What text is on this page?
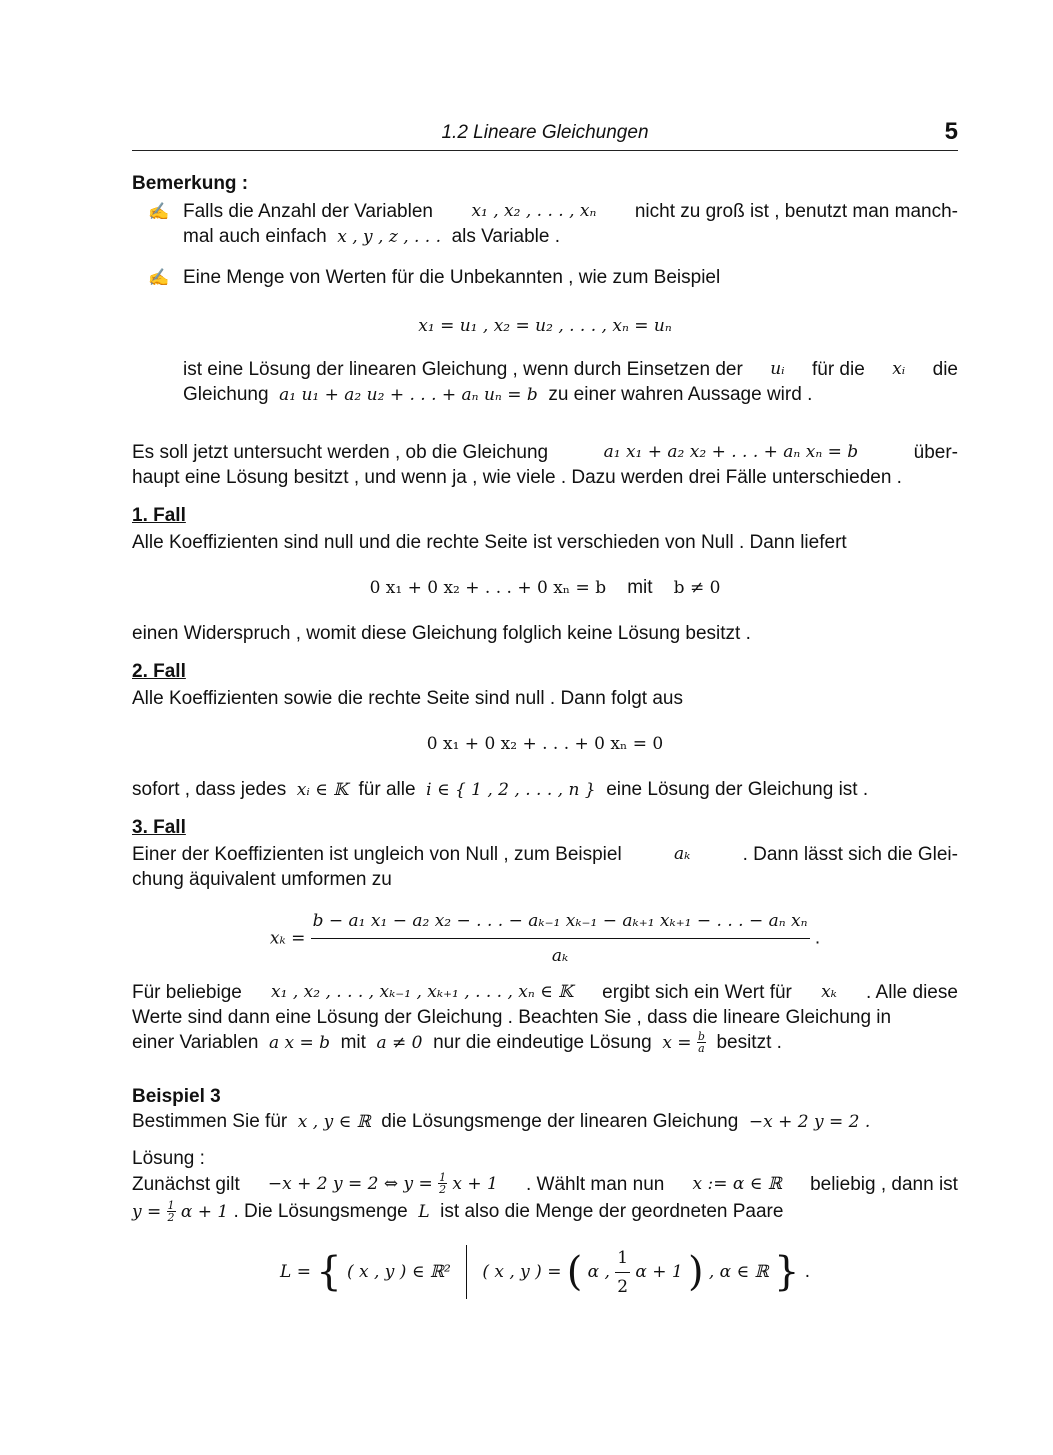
1.2 Lineare Gleichungen	5
Bemerkung :
✍ Falls die Anzahl der Variablen x₁ , x₂ , . . . , xₙ nicht zu groß ist , benutzt man manch-
mal auch einfach x , y , z , . . . als Variable .
✍ Eine Menge von Werten für die Unbekannten , wie zum Beispiel
x₁ = u₁ , x₂ = u₂ , . . . , xₙ = uₙ
ist eine Lösung der linearen Gleichung , wenn durch Einsetzen der uᵢ für die xᵢ die
Gleichung a₁ u₁ + a₂ u₂ + . . . + aₙ uₙ = b zu einer wahren Aussage wird .
Es soll jetzt untersucht werden , ob die Gleichung	a₁ x₁ + a₂ x₂ + . . . + aₙ xₙ = b	über-
haupt eine Lösung besitzt , und wenn ja , wie viele . Dazu werden drei Fälle unterschieden .
1. Fall
Alle Koeffizienten sind null und die rechte Seite ist verschieden von Null . Dann liefert
0 x₁ + 0 x₂ + . . . + 0 xₙ = b mit b ≠ 0
einen Widerspruch , womit diese Gleichung folglich keine Lösung besitzt .
2. Fall
Alle Koeffizienten sowie die rechte Seite sind null . Dann folgt aus
0 x₁ + 0 x₂ + . . . + 0 xₙ = 0
sofort , dass jedes xᵢ ∈ 𝕂 für alle i ∈ { 1 , 2 , . . . , n } eine Lösung der Gleichung ist .
3. Fall
Einer der Koeffizienten ist ungleich von Null , zum Beispiel	aₖ	. Dann lässt sich die Glei-
chung äquivalent umformen zu
xₖ =
b − a₁ x₁ − a₂ x₂ − . . . − aₖ₋₁ xₖ₋₁ − aₖ₊₁ xₖ₊₁ − . . . − aₙ xₙ
aₖ
.
Für beliebige x₁ , x₂ , . . . , xₖ₋₁ , xₖ₊₁ , . . . , xₙ ∈ 𝕂 ergibt sich ein Wert für xₖ . Alle diese
Werte sind dann eine Lösung der Gleichung . Beachten Sie , dass die lineare Gleichung in
einer Variablen a x = b mit a ≠ 0 nur die eindeutige Lösung $x = \frac{b}{a}$ besitzt .
Beispiel 3
Bestimmen Sie für x , y ∈ ℝ die Lösungsmenge der linearen Gleichung −x + 2 y = 2 .
Lösung :
Zunächst gilt −x + 2 y = 2 ⇔ $y = \frac{1}{2}$ x + 1 . Wählt man nun x := α ∈ ℝ beliebig , dann ist
$y = \frac{1}{2}$ α + 1 . Die Lösungsmenge L ist also die Menge der geordneten Paare
L = { ( x , y ) ∈ ℝ² ( x , y ) = ( α , $\frac{1}{2}$ α + 1 ) , α ∈ ℝ } .
